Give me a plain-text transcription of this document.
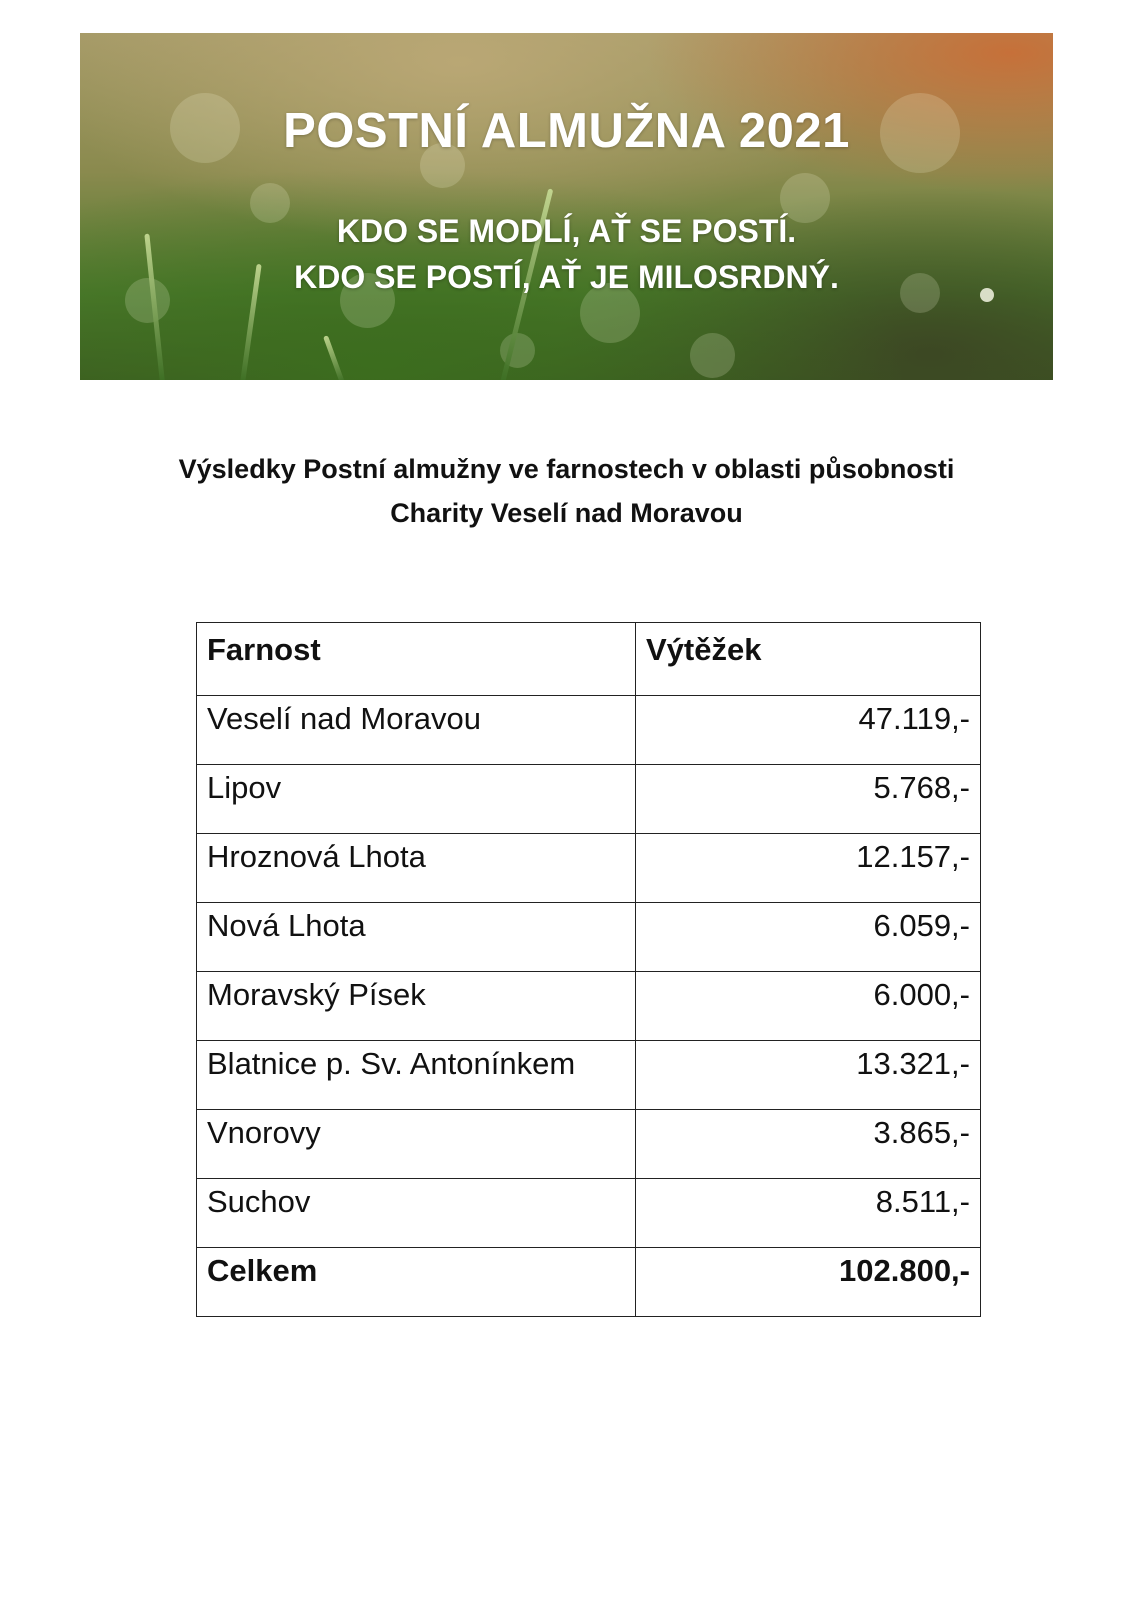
POSTNÍ ALMUŽNA 2021
KDO SE MODLÍ, AŤ SE POSTÍ.
KDO SE POSTÍ, AŤ JE MILOSRDNÝ.
Výsledky Postní almužny ve farnostech v oblasti působnosti
Charity Veselí nad Moravou
Farnost	Výtěžek
Veselí nad Moravou	47.119,-
Lipov	5.768,-
Hroznová Lhota	12.157,-
Nová Lhota	6.059,-
Moravský Písek	6.000,-
Blatnice p. Sv. Antonínkem	13.321,-
Vnorovy	3.865,-
Suchov	8.511,-
Celkem	102.800,-
